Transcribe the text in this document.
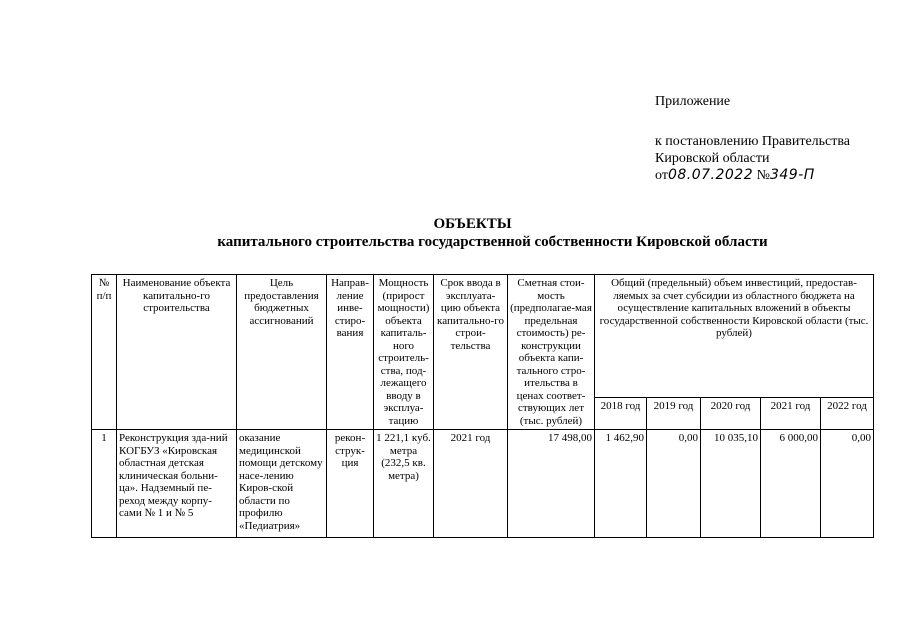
Приложение
к постановлению Правительства
Кировской области
от08.07.2022 №349-П
ОБЪЕКТЫ
капитального строительства государственной собственности Кировской области
№ п/п	Наименование объекта капитально-го строительства	Цель предоставления бюджетных ассигнований	Направ-ление инве-стиро-вания	Мощность (прирост мощности) объекта капиталь-ного строитель-ства, под-лежащего вводу в эксплуа-тацию	Срок ввода в эксплуата-цию объекта капитально-го строи-тельства	Сметная стои-мость (предполагае-мая предельная стоимость) ре-конструкции объекта капи-тального стро-ительства в ценах соответ-ствующих лет (тыс. рублей)	Общий (предельный) объем инвестиций, предостав-ляемых за счет субсидии из областного бюджета на осуществление капитальных вложений в объекты государственной собственности Кировской области (тыс. рублей)				
							2018 год	2019 год	2020 год	2021 год	2022 год
1	Реконструкция зда-ний КОГБУЗ «Кировская областная детская клиническая больни-ца». Надземный пе-реход между корпу-сами № 1 и № 5	оказание медицинской помощи детскому насе-лению Киров-ской области по профилю «Педиатрия»	рекон-струк-ция	1 221,1 куб. метра (232,5 кв. метра)	2021 год	17 498,00	1 462,90	0,00	10 035,10	6 000,00	0,00
